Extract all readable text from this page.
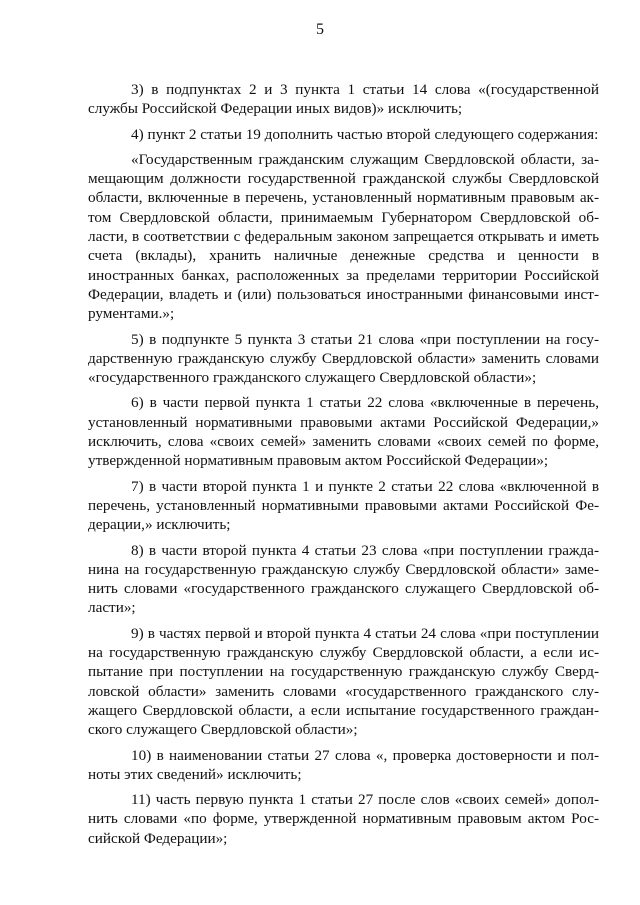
5

3) в подпунктах 2 и 3 пункта 1 статьи 14 слова «(государственной службы Российской Федерации иных видов)» исключить;

4) пункт 2 статьи 19 дополнить частью второй следующего содержания:

«Государственным гражданским служащим Свердловской области, замещающим должности государственной гражданской службы Свердловской области, включенные в перечень, установленный нормативным правовым актом Свердловской области, принимаемым Губернатором Свердловской области, в соответствии с федеральным законом запрещается открывать и иметь счета (вклады), хранить наличные денежные средства и ценности в иностранных банках, расположенных за пределами территории Российской Федерации, владеть и (или) пользоваться иностранными финансовыми инструментами.»;

5) в подпункте 5 пункта 3 статьи 21 слова «при поступлении на государственную гражданскую службу Свердловской области» заменить словами «государственного гражданского служащего Свердловской области»;

6) в части первой пункта 1 статьи 22 слова «включенные в перечень, установленный нормативными правовыми актами Российской Федерации,» исключить, слова «своих семей» заменить словами «своих семей по форме, утвержденной нормативным правовым актом Российской Федерации»;

7) в части второй пункта 1 и пункте 2 статьи 22 слова «включенной в перечень, установленный нормативными правовыми актами Российской Федерации,» исключить;

8) в части второй пункта 4 статьи 23 слова «при поступлении гражданина на государственную гражданскую службу Свердловской области» заменить словами «государственного гражданского служащего Свердловской области»;

9) в частях первой и второй пункта 4 статьи 24 слова «при поступлении на государственную гражданскую службу Свердловской области, а если испытание при поступлении на государственную гражданскую службу Свердловской области» заменить словами «государственного гражданского служащего Свердловской области, а если испытание государственного гражданского служащего Свердловской области»;

10) в наименовании статьи 27 слова «, проверка достоверности и полноты этих сведений» исключить;

11) часть первую пункта 1 статьи 27 после слов «своих семей» дополнить словами «по форме, утвержденной нормативным правовым актом Российской Федерации»;
